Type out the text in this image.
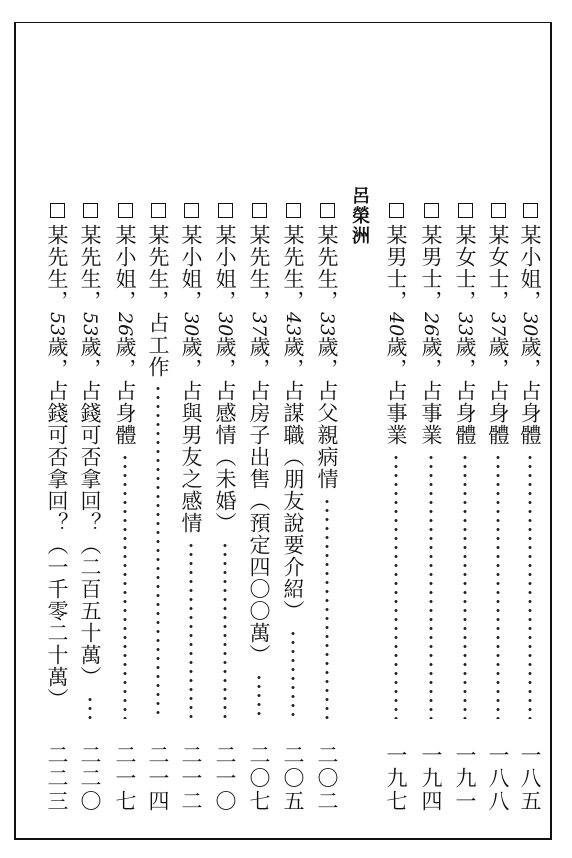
呂榮洲
某小姐，30歲，占身體
一八五
某女士，37歲，占身體
一八八
某女士，33歲，占身體
一九一
某男士，26歲，占事業
一九四
某男士，40歲，占事業
一九七
某先生，33歲，占父親病情
二〇二
某先生，43歲，占謀職（朋友說要介紹）
二〇五
某先生，37歲，占房子出售（預定四〇〇萬）
二〇七
某小姐，30歲，占感情（未婚）
二一〇
某小姐，30歲，占與男友之感情
二一二
某先生，占工作
二一四
某小姐，26歲，占身體
二一七
某先生，53歲，占錢可否拿回？（二百五十萬）
二二〇
某先生，53歲，占錢可否拿回？（一千零二十萬）
二二三
